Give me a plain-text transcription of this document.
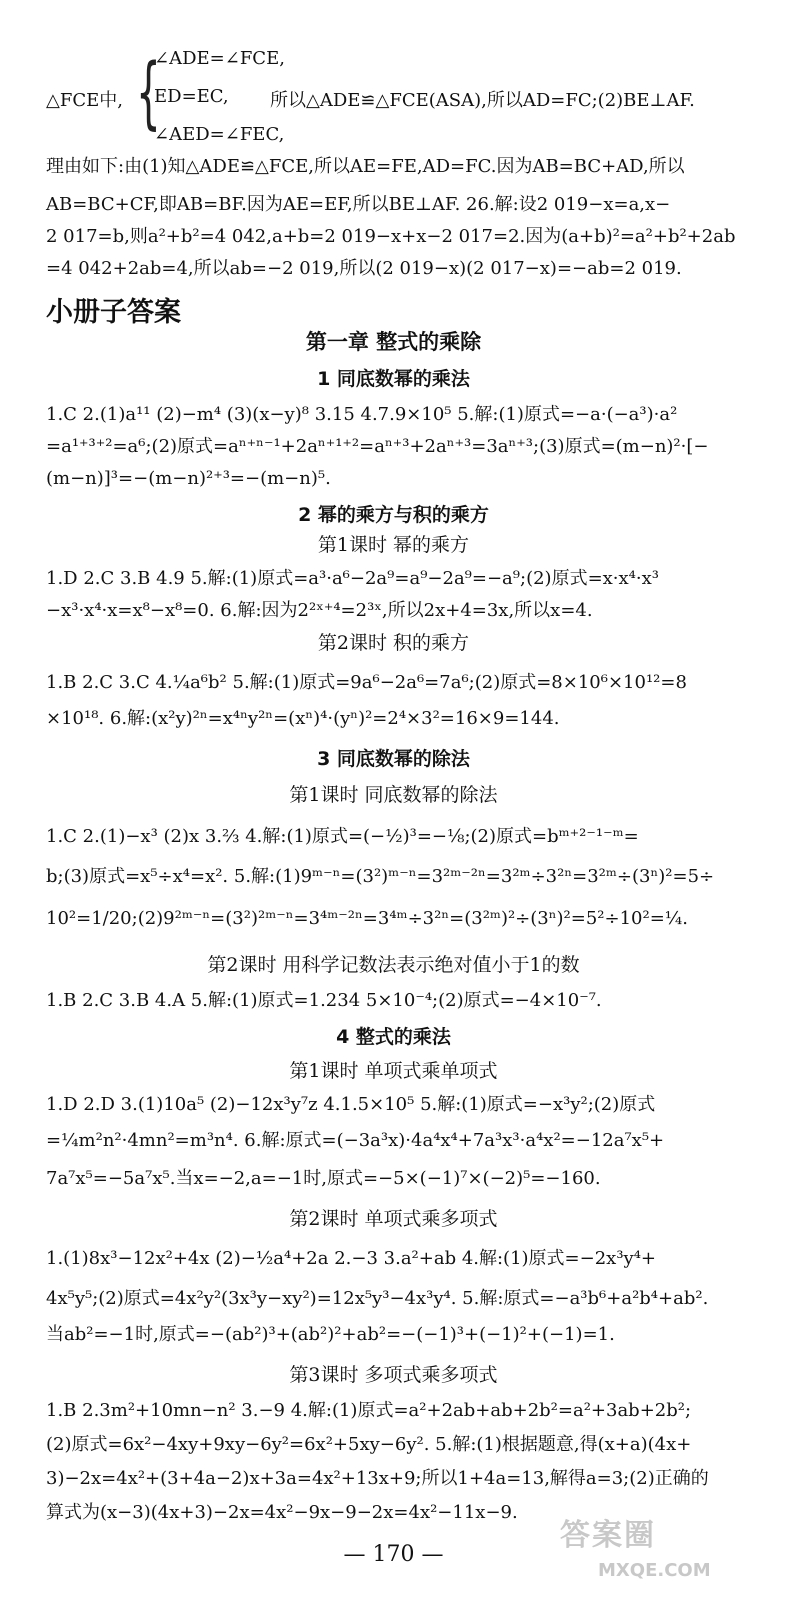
△FCE中, {
∠ADE=∠FCE,
ED=EC,
∠AED=∠FEC,
所以△ADE≌△FCE(ASA),所以AD=FC;(2)BE⊥AF.
理由如下:由(1)知△ADE≌△FCE,所以AE=FE,AD=FC.因为AB=BC+AD,所以
AB=BC+CF,即AB=BF.因为AE=EF,所以BE⊥AF. 26.解:设2 019−x=a,x−
2 017=b,则a²+b²=4 042,a+b=2 019−x+x−2 017=2.因为(a+b)²=a²+b²+2ab
=4 042+2ab=4,所以ab=−2 019,所以(2 019−x)(2 017−x)=−ab=2 019.
小册子答案
第一章 整式的乘除
1 同底数幂的乘法
1.C 2.(1)a¹¹ (2)−m⁴ (3)(x−y)⁸ 3.15 4.7.9×10⁵ 5.解:(1)原式=−a·(−a³)·a²
=a¹⁺³⁺²=a⁶;(2)原式=aⁿ⁺ⁿ⁻¹+2aⁿ⁺¹⁺²=aⁿ⁺³+2aⁿ⁺³=3aⁿ⁺³;(3)原式=(m−n)²·[−
(m−n)]³=−(m−n)²⁺³=−(m−n)⁵.
2 幂的乘方与积的乘方
第1课时 幂的乘方
1.D 2.C 3.B 4.9 5.解:(1)原式=a³·a⁶−2a⁹=a⁹−2a⁹=−a⁹;(2)原式=x·x⁴·x³
−x³·x⁴·x=x⁸−x⁸=0. 6.解:因为2²ˣ⁺⁴=2³ˣ,所以2x+4=3x,所以x=4.
第2课时 积的乘方
1.B 2.C 3.C 4.¼a⁶b² 5.解:(1)原式=9a⁶−2a⁶=7a⁶;(2)原式=8×10⁶×10¹²=8
×10¹⁸. 6.解:(x²y)²ⁿ=x⁴ⁿy²ⁿ=(xⁿ)⁴·(yⁿ)²=2⁴×3²=16×9=144.
3 同底数幂的除法
第1课时 同底数幂的除法
1.C 2.(1)−x³ (2)x 3.⅔ 4.解:(1)原式=(−½)³=−⅛;(2)原式=bᵐ⁺²⁻¹⁻ᵐ=
b;(3)原式=x⁵÷x⁴=x². 5.解:(1)9ᵐ⁻ⁿ=(3²)ᵐ⁻ⁿ=3²ᵐ⁻²ⁿ=3²ᵐ÷3²ⁿ=3²ᵐ÷(3ⁿ)²=5÷
10²=1/20;(2)9²ᵐ⁻ⁿ=(3²)²ᵐ⁻ⁿ=3⁴ᵐ⁻²ⁿ=3⁴ᵐ÷3²ⁿ=(3²ᵐ)²÷(3ⁿ)²=5²÷10²=¼.
第2课时 用科学记数法表示绝对值小于1的数
1.B 2.C 3.B 4.A 5.解:(1)原式=1.234 5×10⁻⁴;(2)原式=−4×10⁻⁷.
4 整式的乘法
第1课时 单项式乘单项式
1.D 2.D 3.(1)10a⁵ (2)−12x³y⁷z 4.1.5×10⁵ 5.解:(1)原式=−x³y²;(2)原式
=¼m²n²·4mn²=m³n⁴. 6.解:原式=(−3a³x)·4a⁴x⁴+7a³x³·a⁴x²=−12a⁷x⁵+
7a⁷x⁵=−5a⁷x⁵.当x=−2,a=−1时,原式=−5×(−1)⁷×(−2)⁵=−160.
第2课时 单项式乘多项式
1.(1)8x³−12x²+4x (2)−½a⁴+2a 2.−3 3.a²+ab 4.解:(1)原式=−2x³y⁴+
4x⁵y⁵;(2)原式=4x²y²(3x³y−xy²)=12x⁵y³−4x³y⁴. 5.解:原式=−a³b⁶+a²b⁴+ab².
当ab²=−1时,原式=−(ab²)³+(ab²)²+ab²=−(−1)³+(−1)²+(−1)=1.
第3课时 多项式乘多项式
1.B 2.3m²+10mn−n² 3.−9 4.解:(1)原式=a²+2ab+ab+2b²=a²+3ab+2b²;
(2)原式=6x²−4xy+9xy−6y²=6x²+5xy−6y². 5.解:(1)根据题意,得(x+a)(4x+
3)−2x=4x²+(3+4a−2)x+3a=4x²+13x+9;所以1+4a=13,解得a=3;(2)正确的
算式为(x−3)(4x+3)−2x=4x²−9x−9−2x=4x²−11x−9.
— 170 —
答案圈
MXQE.COM
